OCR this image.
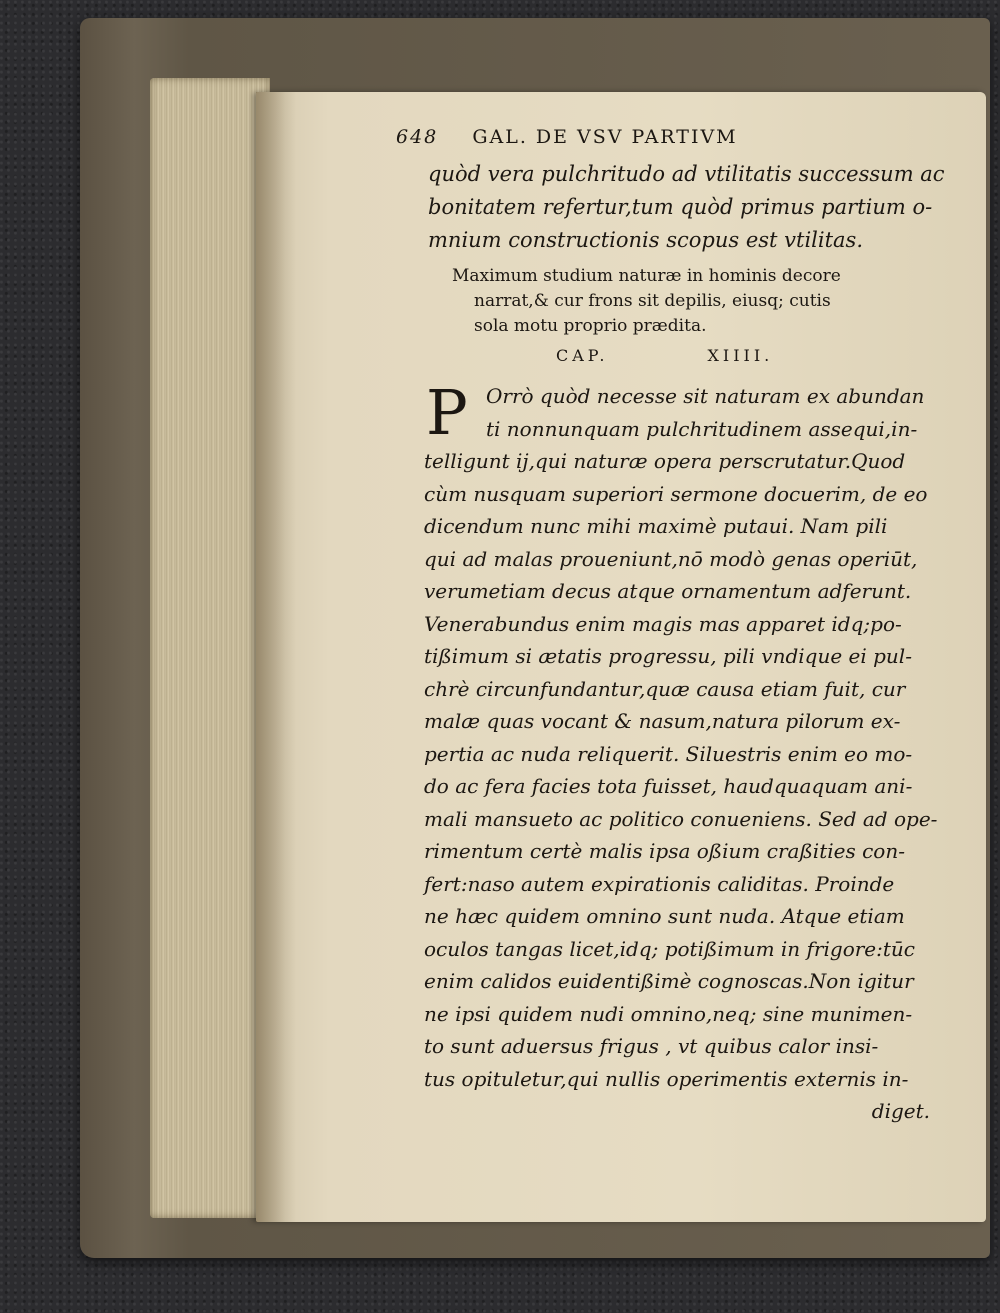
648 GAL. DE VSV PARTIVM
quòd vera pulchritudo ad vtilitatis successum ac
bonitatem refertur,tum quòd primus partium o-
mnium constructionis scopus est vtilitas.
Maximum studium naturæ in hominis decore
narrat,& cur frons sit depilis, eiusq; cutis
sola motu proprio prædita.
CAP.	XIIII.
P Orrò quòd necesse sit naturam ex abundan
ti nonnunquam pulchritudinem assequi,in-
telligunt ij,qui naturæ opera perscrutatur.Quod
cùm nusquam superiori sermone docuerim, de eo
dicendum nunc mihi maximè putaui. Nam pili
qui ad malas proueniunt,nō modò genas operiūt,
verumetiam decus atque ornamentum adferunt.
Venerabundus enim magis mas apparet idq;po-
tißimum si ætatis progressu, pili vndique ei pul-
chrè circunfundantur,quæ causa etiam fuit, cur
malæ quas vocant & nasum,natura pilorum ex-
pertia ac nuda reliquerit. Siluestris enim eo mo-
do ac fera facies tota fuisset, haudquaquam ani-
mali mansueto ac politico conueniens. Sed ad ope-
rimentum certè malis ipsa oßium craßities con-
fert:naso autem expirationis caliditas. Proinde
ne hæc quidem omnino sunt nuda. Atque etiam
oculos tangas licet,idq; potißimum in frigore:tūc
enim calidos euidentißimè cognoscas.Non igitur
ne ipsi quidem nudi omnino,neq; sine munimen-
to sunt aduersus frigus , vt quibus calor insi-
tus opituletur,qui nullis operimentis externis in-
diget.
